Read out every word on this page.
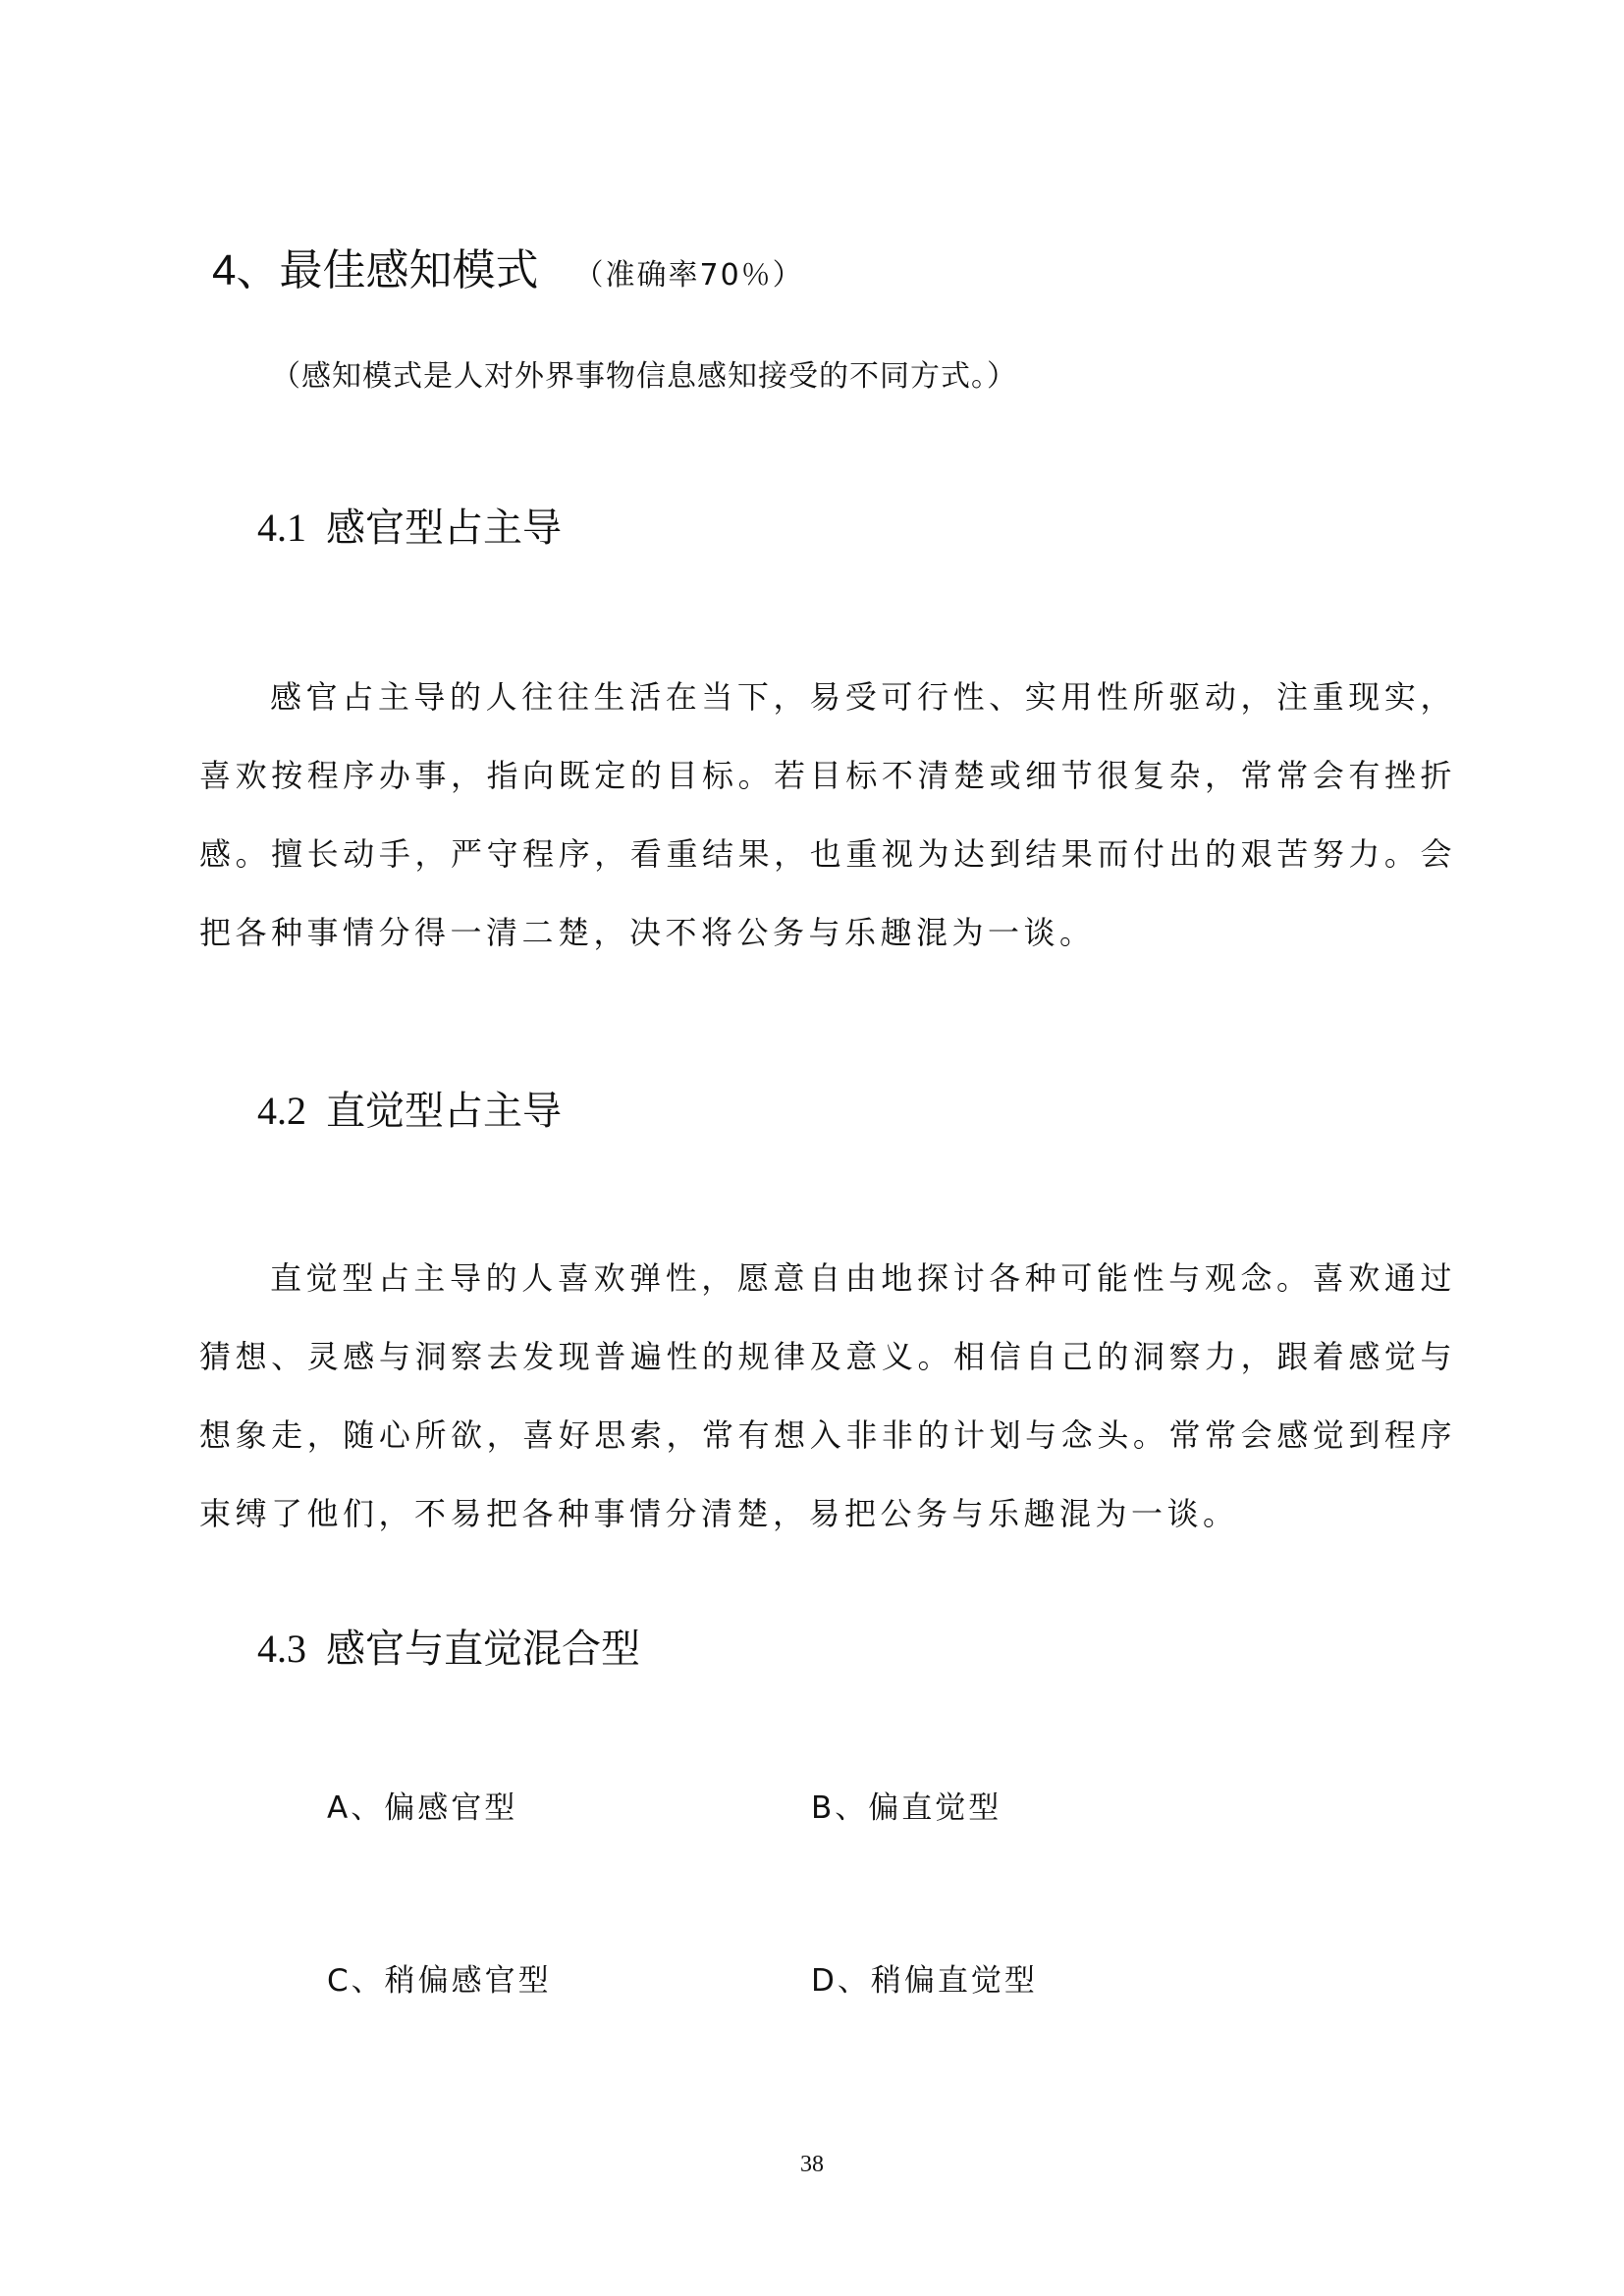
4、最佳感知模式 （准确率70％）
（感知模式是人对外界事物信息感知接受的不同方式。）
4.1 感官型占主导

感官占主导的人往往生活在当下，易受可行性、实用性所驱动，注重现实，喜欢按程序办事，指向既定的目标。若目标不清楚或细节很复杂，常常会有挫折感。擅长动手，严守程序，看重结果，也重视为达到结果而付出的艰苦努力。会把各种事情分得一清二楚，决不将公务与乐趣混为一谈。

4.2 直觉型占主导

直觉型占主导的人喜欢弹性，愿意自由地探讨各种可能性与观念。喜欢通过猜想、灵感与洞察去发现普遍性的规律及意义。相信自己的洞察力，跟着感觉与想象走，随心所欲，喜好思索，常有想入非非的计划与念头。常常会感觉到程序束缚了他们，不易把各种事情分清楚，易把公务与乐趣混为一谈。

4.3 感官与直觉混合型
A、偏感官型	B、偏直觉型
C、稍偏感官型	D、稍偏直觉型
38
